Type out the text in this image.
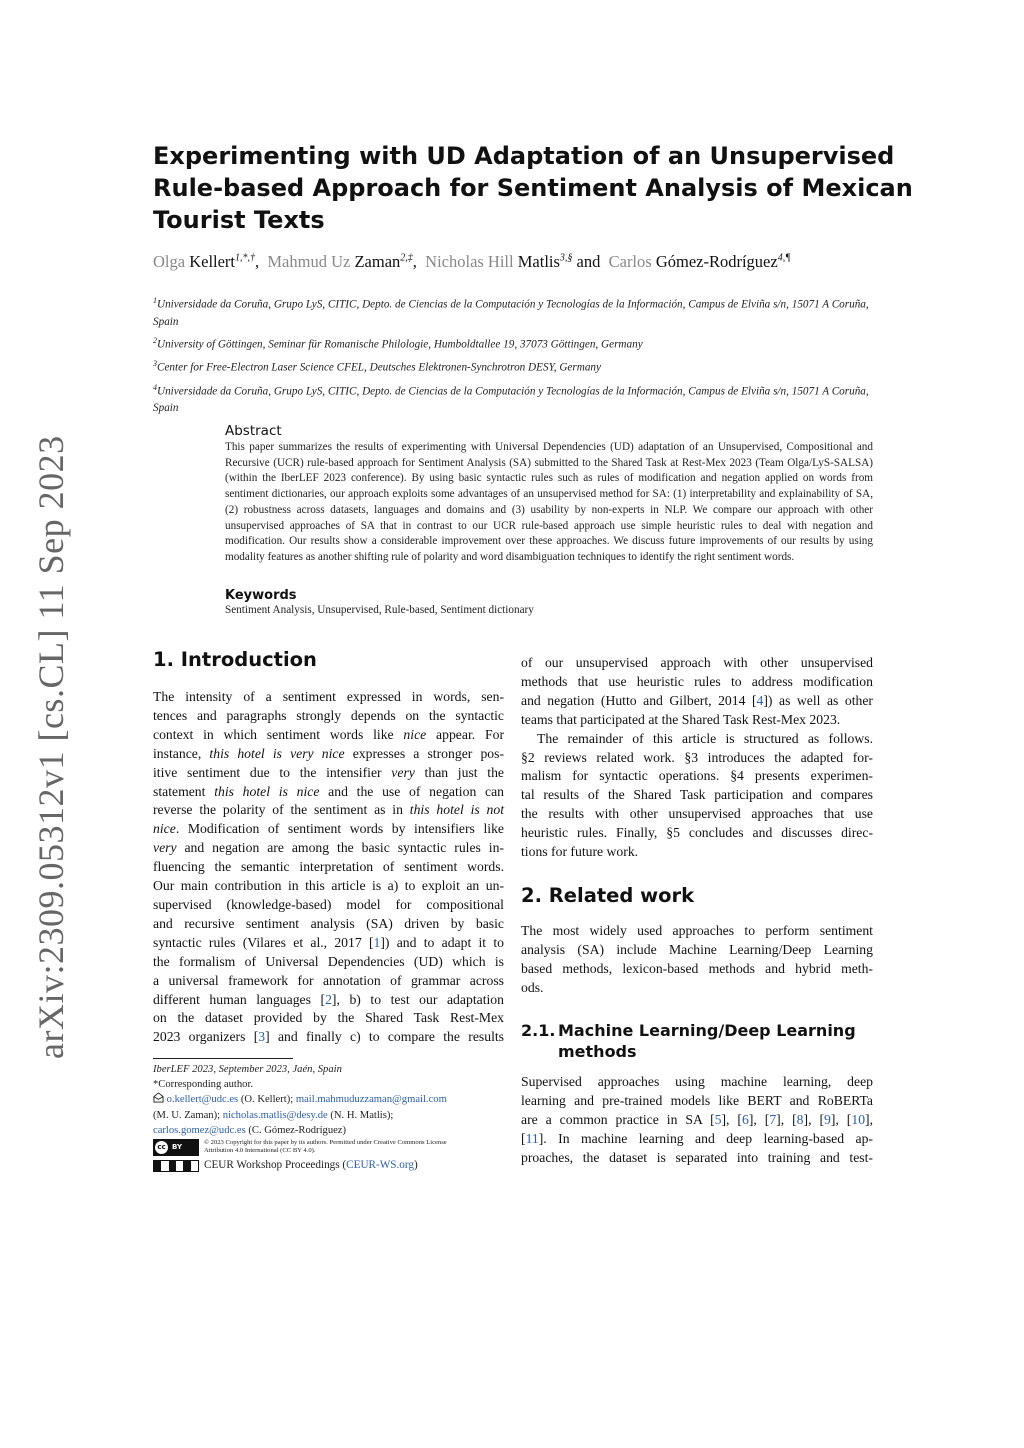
arXiv:2309.05312v1 [cs.CL] 11 Sep 2023
Experimenting with UD Adaptation of an Unsupervised
Rule-based Approach for Sentiment Analysis of Mexican
Tourist Texts
Olga Kellert$^{1,*,\dagger}$,  Mahmud Uz Zaman$^{2,\ddagger}$,  Nicholas Hill Matlis$^{3,\S}$ and Carlos Gómez-Rodríguez$^{4,\P}$
$^1$Universidade da Coruña, Grupo LyS, CITIC, Depto. de Ciencias de la Computación y Tecnologías de la Información, Campus de Elviña s/n, 15071 A Coruña, Spain
$^2$University of Göttingen, Seminar für Romanische Philologie, Humboldtallee 19, 37073 Göttingen, Germany
$^3$Center for Free-Electron Laser Science CFEL, Deutsches Elektronen-Synchrotron DESY, Germany
$^4$Universidade da Coruña, Grupo LyS, CITIC, Depto. de Ciencias de la Computación y Tecnologías de la Información, Campus de Elviña s/n, 15071 A Coruña, Spain
Abstract
This paper summarizes the results of experimenting with Universal Dependencies (UD) adaptation of an Unsupervised, Compositional and Recursive (UCR) rule-based approach for Sentiment Analysis (SA) submitted to the Shared Task at Rest-Mex 2023 (Team Olga/LyS-SALSA) (within the IberLEF 2023 conference). By using basic syntactic rules such as rules of modification and negation applied on words from sentiment dictionaries, our approach exploits some advantages of an unsupervised method for SA: (1) interpretability and explainability of SA, (2) robustness across datasets, languages and domains and (3) usability by non-experts in NLP. We compare our approach with other unsupervised approaches of SA that in contrast to our UCR rule-based approach use simple heuristic rules to deal with negation and modification. Our results show a considerable improvement over these approaches. We discuss future improvements of our results by using modality features as another shifting rule of polarity and word disambiguation techniques to identify the right sentiment words.
Keywords
Sentiment Analysis, Unsupervised, Rule-based, Sentiment dictionary
1. Introduction
The intensity of a sentiment expressed in words, sen-
tences and paragraphs strongly depends on the syntactic
context in which sentiment words like nice appear. For
instance, this hotel is very nice expresses a stronger pos-
itive sentiment due to the intensifier very than just the
statement this hotel is nice and the use of negation can
reverse the polarity of the sentiment as in this hotel is not
nice. Modification of sentiment words by intensifiers like
very and negation are among the basic syntactic rules in-
fluencing the semantic interpretation of sentiment words.
Our main contribution in this article is a) to exploit an un-
supervised (knowledge-based) model for compositional
and recursive sentiment analysis (SA) driven by basic
syntactic rules (Vilares et al., 2017 [1]) and to adapt it to
the formalism of Universal Dependencies (UD) which is
a universal framework for annotation of grammar across
different human languages [2], b) to test our adaptation
on the dataset provided by the Shared Task Rest-Mex
2023 organizers [3] and finally c) to compare the results
IberLEF 2023, September 2023, Jaén, Spain
*Corresponding author.
o.kellert@udc.es (O. Kellert); mail.mahmuduzzaman@gmail.com
(M. U. Zaman); nicholas.matlis@desy.de (N. H. Matlis);
carlos.gomez@udc.es (C. Gómez-Rodríguez)
cc BY
© 2023 Copyright for this paper by its authors. Permitted under Creative Commons License
Attribution 4.0 International (CC BY 4.0).
CEUR Workshop Proceedings (CEUR-WS.org)
of our unsupervised approach with other unsupervised
methods that use heuristic rules to address modification
and negation (Hutto and Gilbert, 2014 [4]) as well as other
teams that participated at the Shared Task Rest-Mex 2023.
The remainder of this article is structured as follows.
§2 reviews related work. §3 introduces the adapted for-
malism for syntactic operations. §4 presents experimen-
tal results of the Shared Task participation and compares
the results with other unsupervised approaches that use
heuristic rules. Finally, §5 concludes and discusses direc-
tions for future work.
2. Related work
The most widely used approaches to perform sentiment
analysis (SA) include Machine Learning/Deep Learning
based methods, lexicon-based methods and hybrid meth-
ods.
2.1. Machine Learning/Deep Learning
methods
Supervised approaches using machine learning, deep
learning and pre-trained models like BERT and RoBERTa
are a common practice in SA [5], [6], [7], [8], [9], [10],
[11]. In machine learning and deep learning-based ap-
proaches, the dataset is separated into training and test-
